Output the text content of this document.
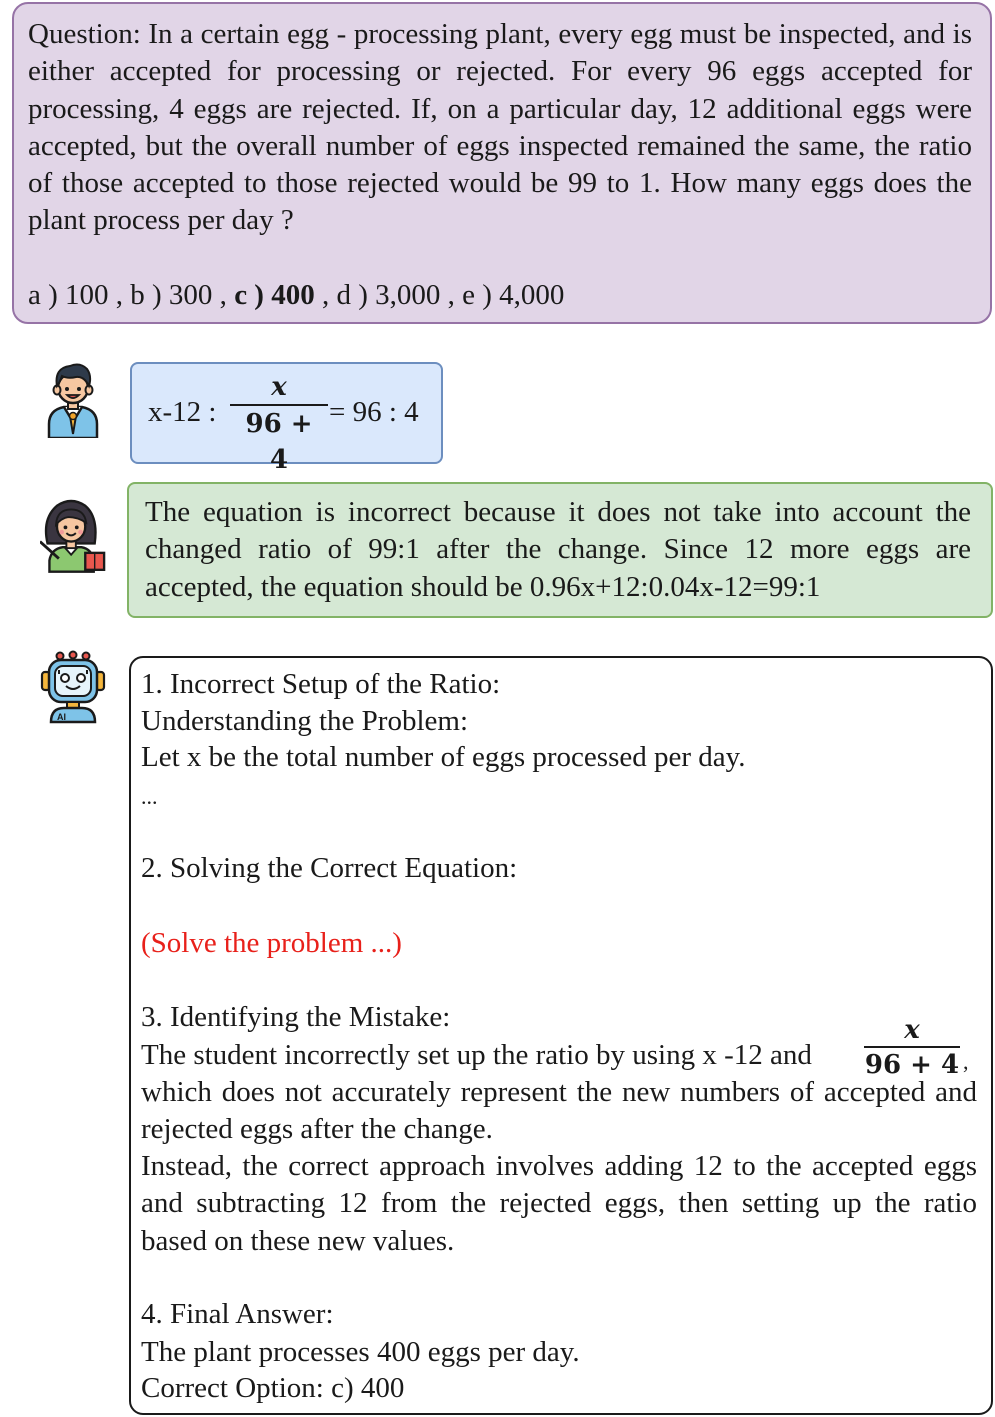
Question: In a certain egg - processing plant, every egg must be inspected, and is either accepted for processing or rejected. For every 96 eggs accepted for processing, 4 eggs are rejected. If, on a particular day, 12 additional eggs were accepted, but the overall number of eggs inspected remained the same, the ratio of those accepted to those rejected would be 99 to 1. How many eggs does the plant process per day ?
a ) 100 , b ) 300 , c ) 400 , d ) 3,000 , e ) 4,000
x-12 :
x
96 + 4
= 96 : 4
The equation is incorrect because it does not take into account the changed ratio of 99:1 after the change. Since 12 more eggs are accepted, the equation should be 0.96x+12:0.04x-12=99:1
AI
1. Incorrect Setup of the Ratio:
Understanding the Problem:
Let x be the total number of eggs processed per day.
...
2. Solving the Correct Equation:
(Solve the problem ...)
3. Identifying the Mistake:
The student incorrectly set up the ratio by using x -12 and
x
96 + 4 ,
which does not accurately represent the new numbers of accepted and rejected eggs after the change.
Instead, the correct approach involves adding 12 to the accepted eggs and subtracting 12 from the rejected eggs, then setting up the ratio based on these new values.
4. Final Answer:
The plant processes 400 eggs per day.
Correct Option: c) 400
